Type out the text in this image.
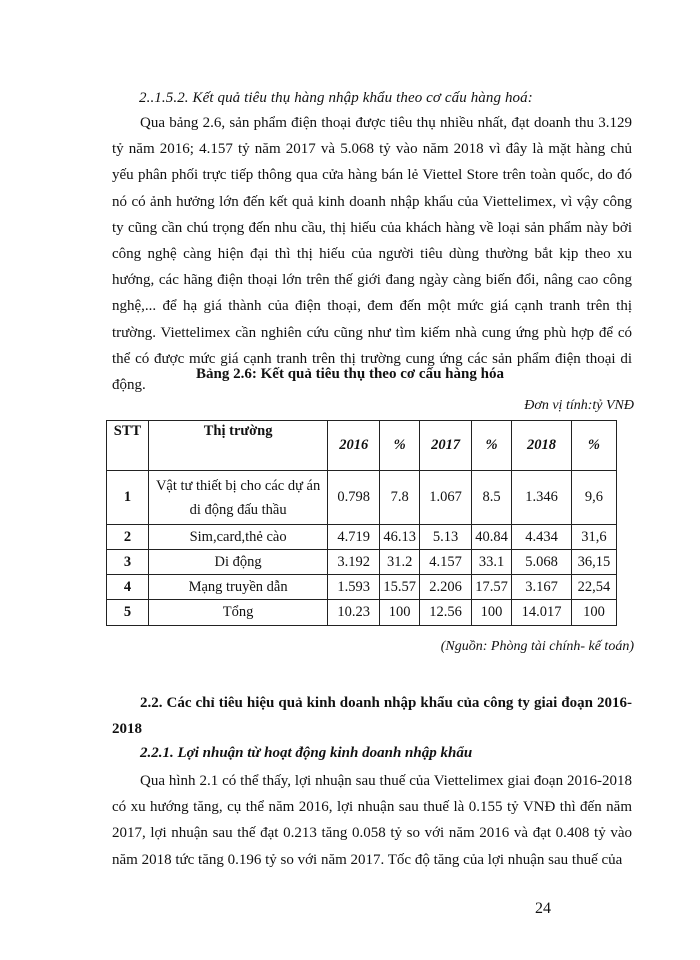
2..1.5.2. Kết quả tiêu thụ hàng nhập khẩu theo cơ cấu hàng hoá:

Qua bảng 2.6, sản phẩm điện thoại được tiêu thụ nhiều nhất, đạt doanh thu 3.129 tỷ năm 2016; 4.157 tỷ năm 2017 và 5.068 tỷ vào năm 2018 vì đây là mặt hàng chủ yếu phân phối trực tiếp thông qua cửa hàng bán lẻ Viettel Store trên toàn quốc, do đó nó có ảnh hưởng lớn đến kết quả kinh doanh nhập khẩu của Viettelimex, vì vậy công ty cũng cần chú trọng đến nhu cầu, thị hiếu của khách hàng về loại sản phẩm này bởi công nghệ càng hiện đại thì thị hiếu của người tiêu dùng thường bắt kịp theo xu hướng, các hãng điện thoại lớn trên thế giới đang ngày càng biến đổi, nâng cao công nghệ,... để hạ giá thành của điện thoại, đem đến một mức giá cạnh tranh trên thị trường. Viettelimex cần nghiên cứu cũng như tìm kiếm nhà cung ứng phù hợp để có thể có được mức giá cạnh tranh trên thị trường cung ứng các sản phẩm điện thoại di động.

Bảng 2.6: Kết quả tiêu thụ theo cơ cấu hàng hóa
Đơn vị tính:tỷ VNĐ
STT	Thị trường	2016	%	2017	%	2018	%
1	Vật tư thiết bị cho các dự án di động đấu thầu	0.798	7.8	1.067	8.5	1.346	9,6
2	Sim,card,thẻ cào	4.719	46.13	5.13	40.84	4.434	31,6
3	Di động	3.192	31.2	4.157	33.1	5.068	36,15
4	Mạng truyền dẫn	1.593	15.57	2.206	17.57	3.167	22,54
5	Tổng	10.23	100	12.56	100	14.017	100
(Nguồn: Phòng tài chính- kế toán)
2.2. Các chỉ tiêu hiệu quả kinh doanh nhập khẩu của công ty giai đoạn 2016-2018
2.2.1. Lợi nhuận từ hoạt động kinh doanh nhập khẩu

Qua hình 2.1 có thể thấy, lợi nhuận sau thuế của Viettelimex giai đoạn 2016-2018 có xu hướng tăng, cụ thể năm 2016, lợi nhuận sau thuế là 0.155 tỷ VNĐ thì đến năm 2017, lợi nhuận sau thế đạt 0.213 tăng 0.058 tỷ so với năm 2016 và đạt 0.408 tỷ vào năm 2018 tức tăng 0.196 tỷ so với năm 2017. Tốc độ tăng của lợi nhuận sau thuế của

24
